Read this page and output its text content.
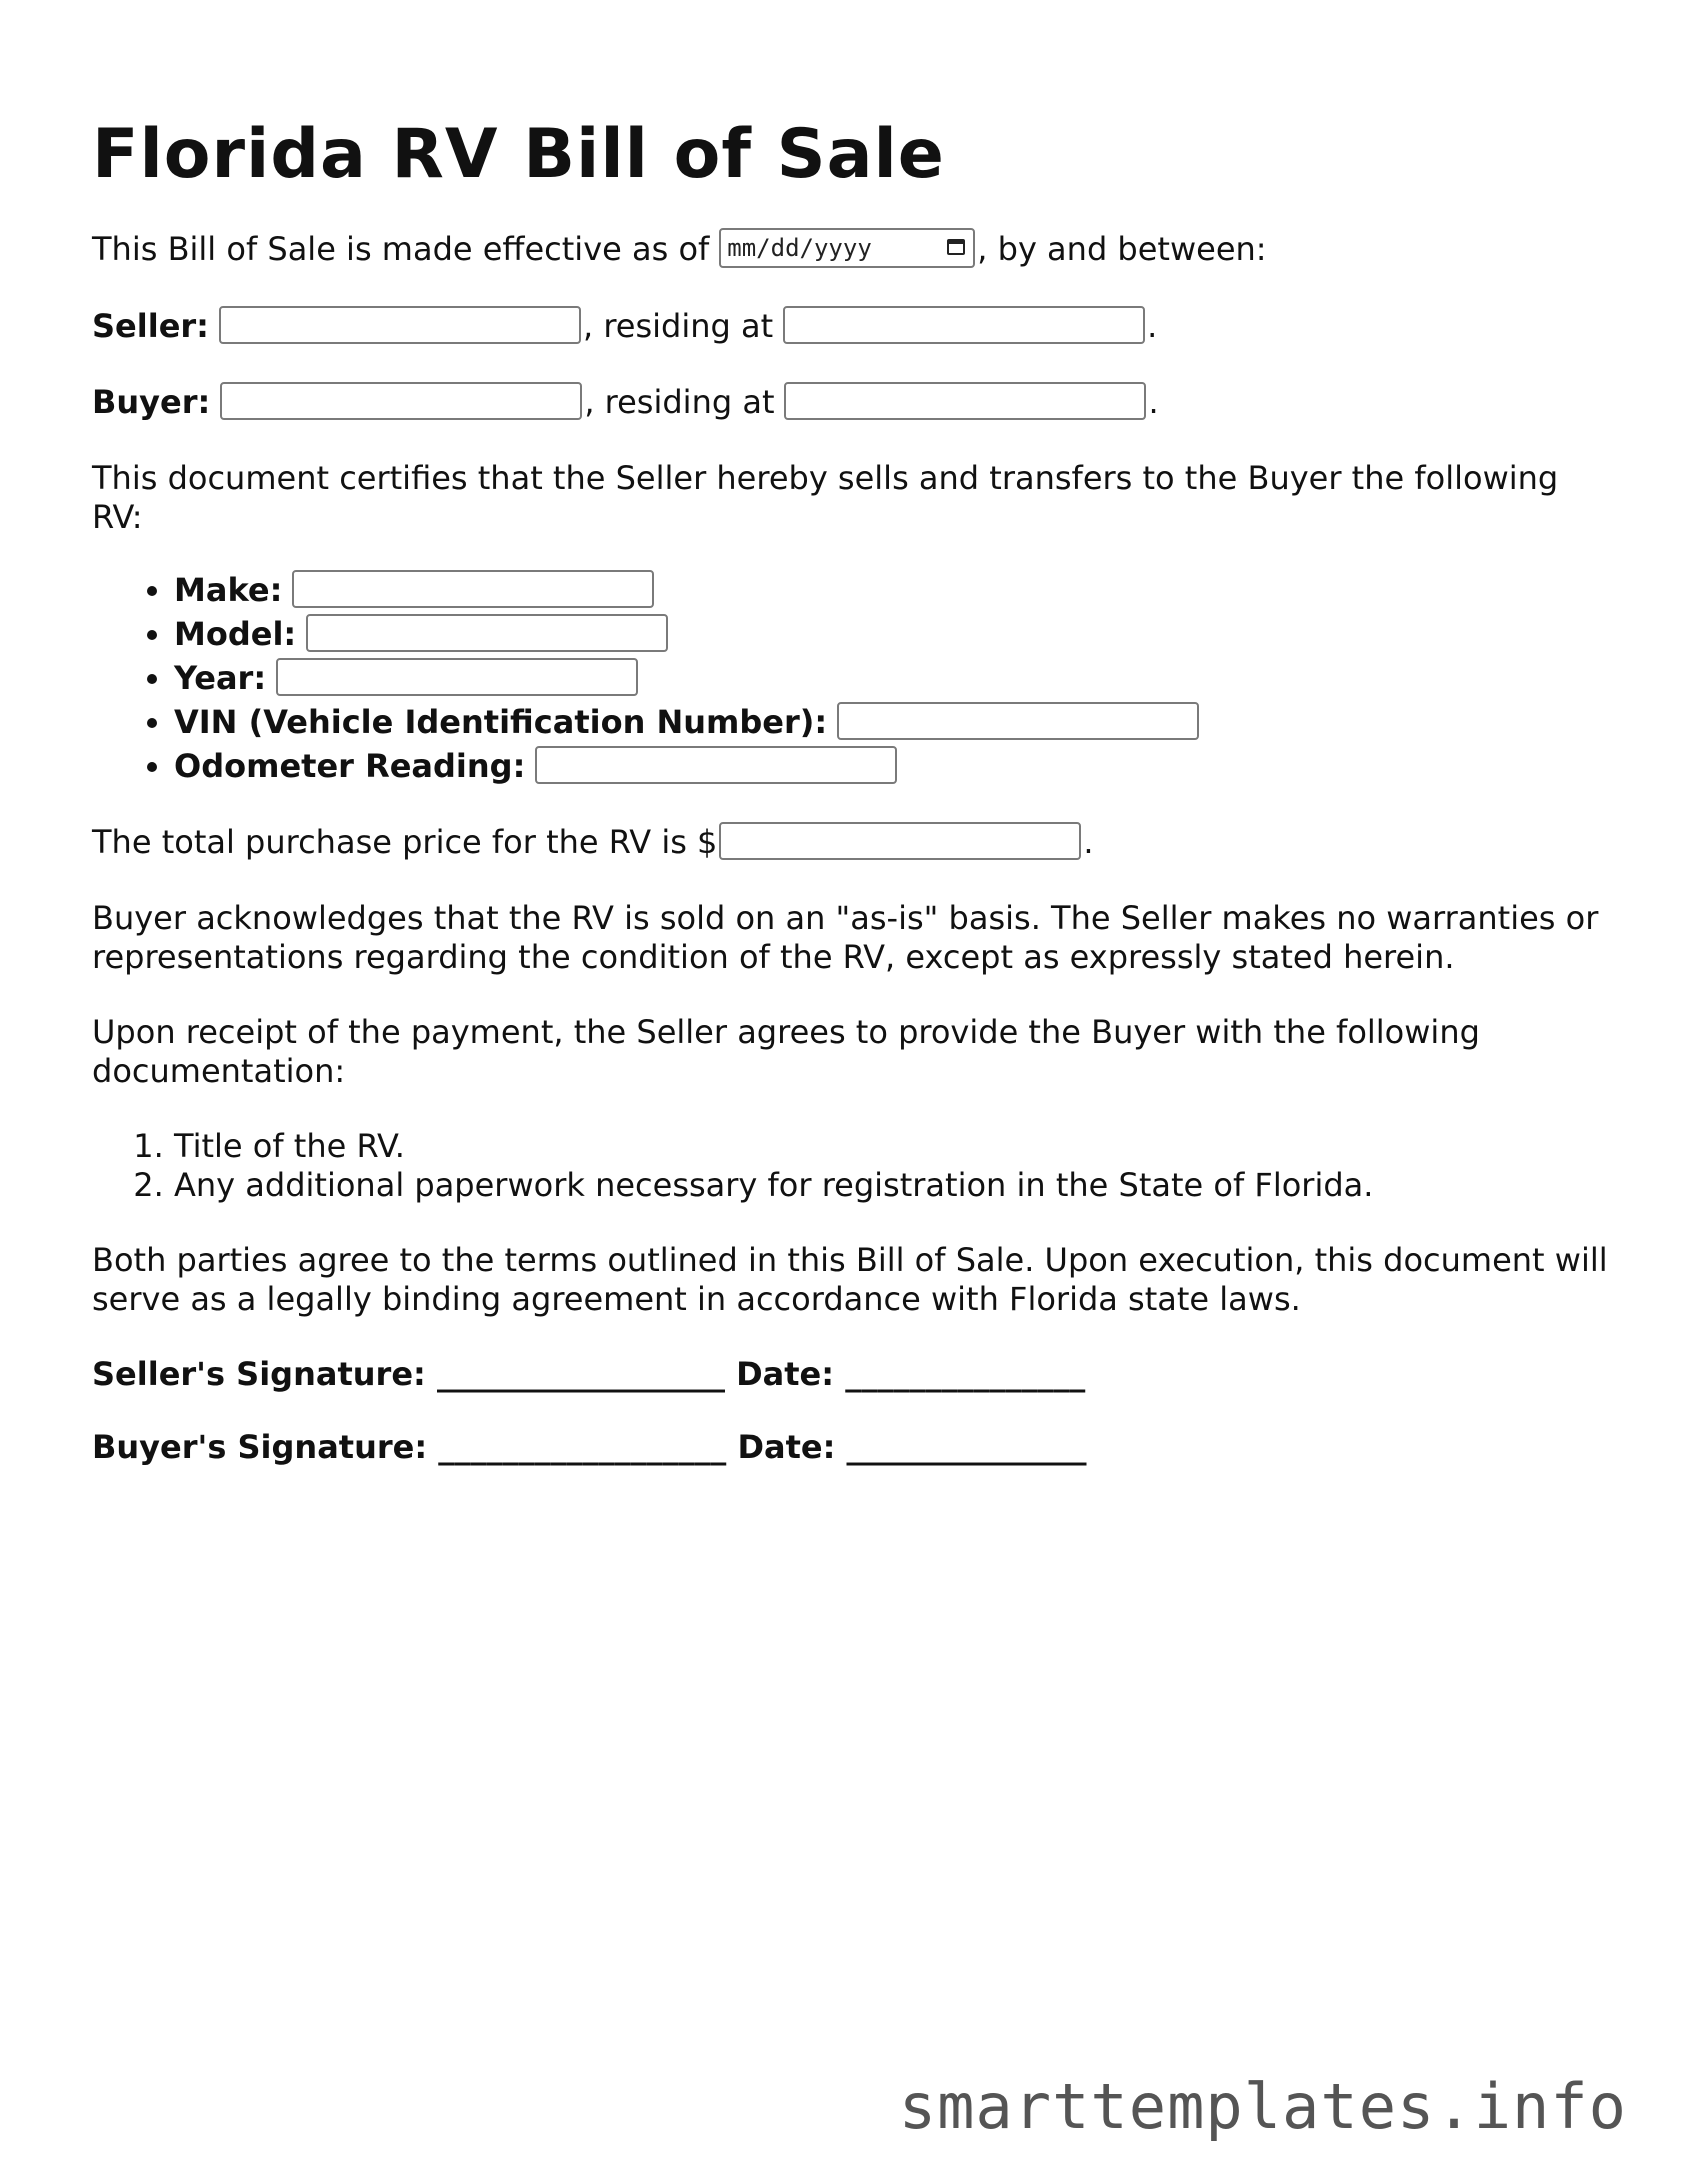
Florida RV Bill of Sale

This Bill of Sale is made effective as of mm/dd/yyyy	, by and between:

Seller:	, residing at	.

Buyer:	, residing at	.

This document certifies that the Seller hereby sells and transfers to the Buyer the following RV:

• Make:
• Model:
• Year:
• VIN (Vehicle Identification Number):
• Odometer Reading:

The total purchase price for the RV is $	.

Buyer acknowledges that the RV is sold on an "as-is" basis. The Seller makes no warranties or representations regarding the condition of the RV, except as expressly stated herein.

Upon receipt of the payment, the Seller agrees to provide the Buyer with the following documentation:

1. Title of the RV.
2. Any additional paperwork necessary for registration in the State of Florida.

Both parties agree to the terms outlined in this Bill of Sale. Upon execution, this document will serve as a legally binding agreement in accordance with Florida state laws.

Seller's Signature: __________________ Date: _______________

Buyer's Signature: __________________ Date: _______________

smarttemplates.info
